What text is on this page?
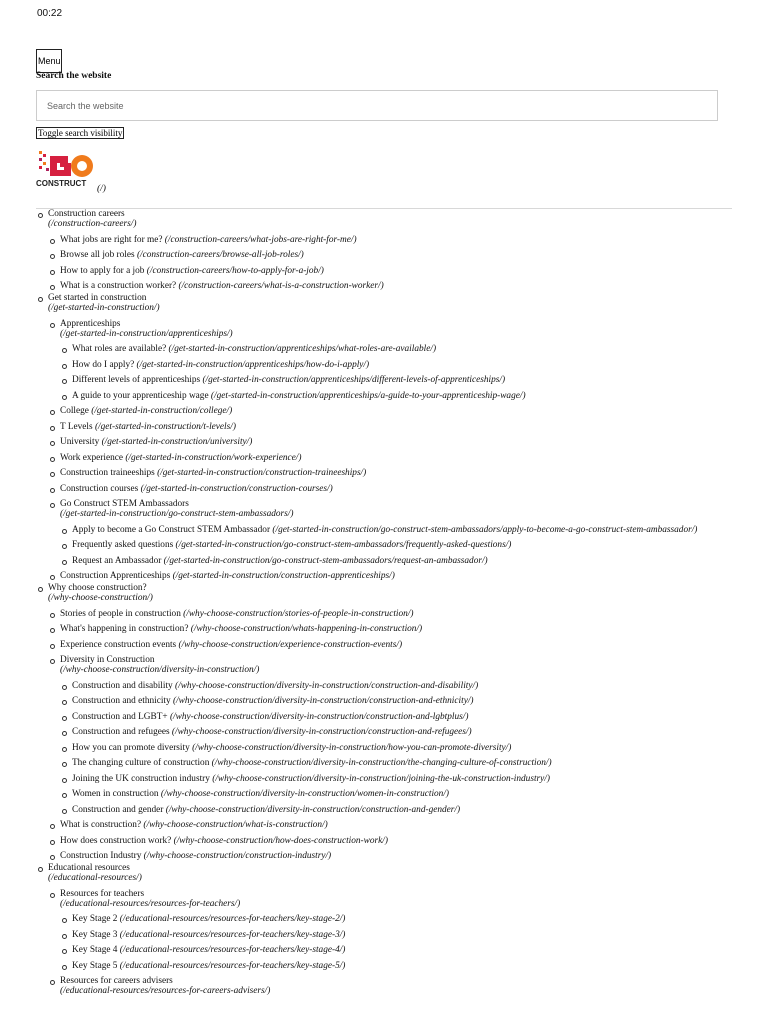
00:22
Menu
Search the website
Search the website
Toggle search visibility
CONSTRUCT
(/)
Construction careers
(/construction-careers/)
What jobs are right for me? (/construction-careers/what-jobs-are-right-for-me/)
Browse all job roles (/construction-careers/browse-all-job-roles/)
How to apply for a job (/construction-careers/how-to-apply-for-a-job/)
What is a construction worker? (/construction-careers/what-is-a-construction-worker/)
Get started in construction
(/get-started-in-construction/)
Apprenticeships
(/get-started-in-construction/apprenticeships/)
What roles are available? (/get-started-in-construction/apprenticeships/what-roles-are-available/)
How do I apply? (/get-started-in-construction/apprenticeships/how-do-i-apply/)
Different levels of apprenticeships (/get-started-in-construction/apprenticeships/different-levels-of-apprenticeships/)
A guide to your apprenticeship wage (/get-started-in-construction/apprenticeships/a-guide-to-your-apprenticeship-wage/)
College (/get-started-in-construction/college/)
T Levels (/get-started-in-construction/t-levels/)
University (/get-started-in-construction/university/)
Work experience (/get-started-in-construction/work-experience/)
Construction traineeships (/get-started-in-construction/construction-traineeships/)
Construction courses (/get-started-in-construction/construction-courses/)
Go Construct STEM Ambassadors
(/get-started-in-construction/go-construct-stem-ambassadors/)
Apply to become a Go Construct STEM Ambassador (/get-started-in-construction/go-construct-stem-ambassadors/apply-to-become-a-go-construct-stem-ambassador/)
Frequently asked questions (/get-started-in-construction/go-construct-stem-ambassadors/frequently-asked-questions/)
Request an Ambassador (/get-started-in-construction/go-construct-stem-ambassadors/request-an-ambassador/)
Construction Apprenticeships (/get-started-in-construction/construction-apprenticeships/)
Why choose construction?
(/why-choose-construction/)
Stories of people in construction (/why-choose-construction/stories-of-people-in-construction/)
What's happening in construction? (/why-choose-construction/whats-happening-in-construction/)
Experience construction events (/why-choose-construction/experience-construction-events/)
Diversity in Construction
(/why-choose-construction/diversity-in-construction/)
Construction and disability (/why-choose-construction/diversity-in-construction/construction-and-disability/)
Construction and ethnicity (/why-choose-construction/diversity-in-construction/construction-and-ethnicity/)
Construction and LGBT+ (/why-choose-construction/diversity-in-construction/construction-and-lgbtplus/)
Construction and refugees (/why-choose-construction/diversity-in-construction/construction-and-refugees/)
How you can promote diversity (/why-choose-construction/diversity-in-construction/how-you-can-promote-diversity/)
The changing culture of construction (/why-choose-construction/diversity-in-construction/the-changing-culture-of-construction/)
Joining the UK construction industry (/why-choose-construction/diversity-in-construction/joining-the-uk-construction-industry/)
Women in construction (/why-choose-construction/diversity-in-construction/women-in-construction/)
Construction and gender (/why-choose-construction/diversity-in-construction/construction-and-gender/)
What is construction? (/why-choose-construction/what-is-construction/)
How does construction work? (/why-choose-construction/how-does-construction-work/)
Construction Industry (/why-choose-construction/construction-industry/)
Educational resources
(/educational-resources/)
Resources for teachers
(/educational-resources/resources-for-teachers/)
Key Stage 2 (/educational-resources/resources-for-teachers/key-stage-2/)
Key Stage 3 (/educational-resources/resources-for-teachers/key-stage-3/)
Key Stage 4 (/educational-resources/resources-for-teachers/key-stage-4/)
Key Stage 5 (/educational-resources/resources-for-teachers/key-stage-5/)
Resources for careers advisers
(/educational-resources/resources-for-careers-advisers/)
